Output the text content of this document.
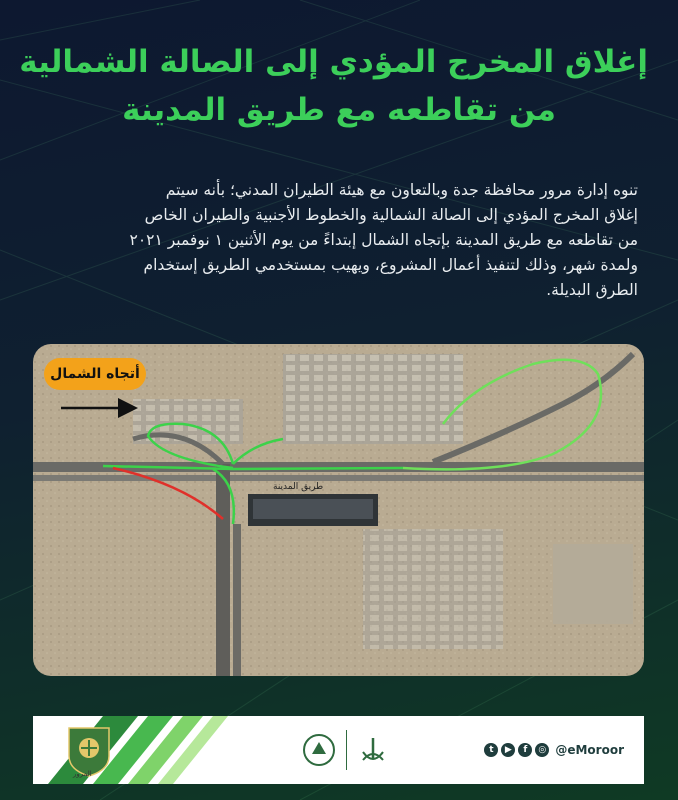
إغلاق المخرج المؤدي إلى الصالة الشمالية
من تقاطعه مع طريق المدينة
تنوه إدارة مرور محافظة جدة وبالتعاون مع هيئة الطيران المدني؛ بأنه سيتم
إغلاق المخرج المؤدي إلى الصالة الشمالية والخطوط الأجنبية والطيران الخاص
من تقاطعه مع طريق المدينة بإتجاه الشمال إبتداءً من يوم الأثنين ١ نوفمبر ٢٠٢١
ولمدة شهر، وذلك لتنفيذ أعمال المشروع، ويهيب بمستخدمي الطريق إستخدام
الطرق البديلة.
أتجاه الشمال
طريق المدينة
المرور
t	▶	f	◎ @eMoroor
